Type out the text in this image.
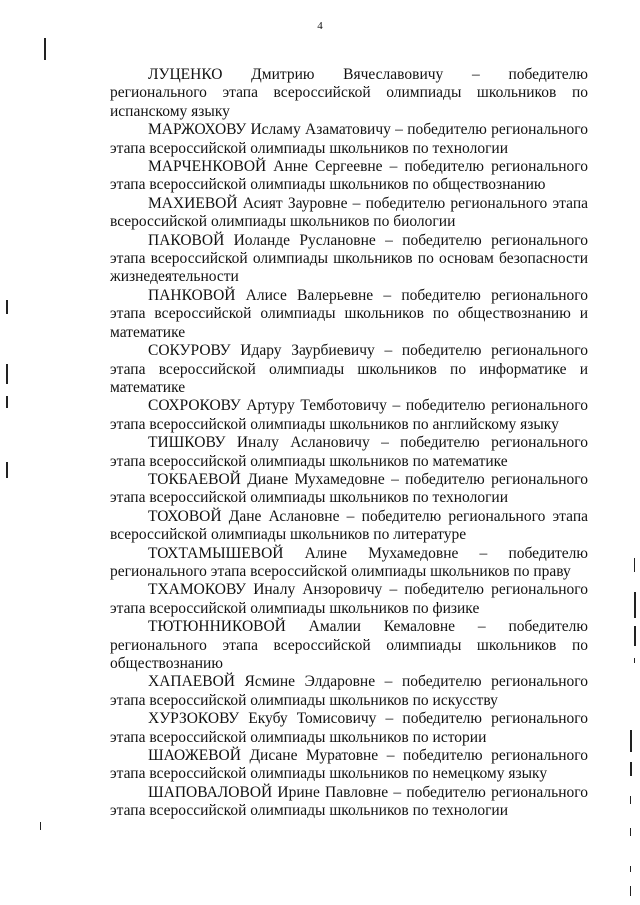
4

ЛУЦЕНКО Дмитрию Вячеславовичу – победителю регионального этапа всероссийской олимпиады школьников по испанскому языку

МАРЖОХОВУ Исламу Азаматовичу – победителю регионального этапа всероссийской олимпиады школьников по технологии

МАРЧЕНКОВОЙ Анне Сергеевне – победителю регионального этапа всероссийской олимпиады школьников по обществознанию

МАХИЕВОЙ Асият Зауровне – победителю регионального этапа всероссийской олимпиады школьников по биологии

ПАКОВОЙ Иоланде Руслановне – победителю регионального этапа всероссийской олимпиады школьников по основам безопасности жизнедеятельности

ПАНКОВОЙ Алисе Валерьевне – победителю регионального этапа всероссийской олимпиады школьников по обществознанию и математике

СОКУРОВУ Идару Заурбиевичу – победителю регионального этапа всероссийской олимпиады школьников по информатике и математике

СОХРОКОВУ Артуру Темботовичу – победителю регионального этапа всероссийской олимпиады школьников по английскому языку

ТИШКОВУ Иналу Аслановичу – победителю регионального этапа всероссийской олимпиады школьников по математике

ТОКБАЕВОЙ Диане Мухамедовне – победителю регионального этапа всероссийской олимпиады школьников по технологии

ТОХОВОЙ Дане Аслановне – победителю регионального этапа всероссийской олимпиады школьников по литературе

ТОХТАМЫШЕВОЙ Алине Мухамедовне – победителю регионального этапа всероссийской олимпиады школьников по праву

ТХАМОКОВУ Иналу Анзоровичу – победителю регионального этапа всероссийской олимпиады школьников по физике

ТЮТЮННИКОВОЙ Амалии Кемаловне – победителю регионального этапа всероссийской олимпиады школьников по обществознанию

ХАПАЕВОЙ Ясмине Элдаровне – победителю регионального этапа всероссийской олимпиады школьников по искусству

ХУРЗОКОВУ Екубу Томисовичу – победителю регионального этапа всероссийской олимпиады школьников по истории

ШАОЖЕВОЙ Дисане Муратовне – победителю регионального этапа всероссийской олимпиады школьников по немецкому языку

ШАПОВАЛОВОЙ Ирине Павловне – победителю регионального этапа всероссийской олимпиады школьников по технологии
